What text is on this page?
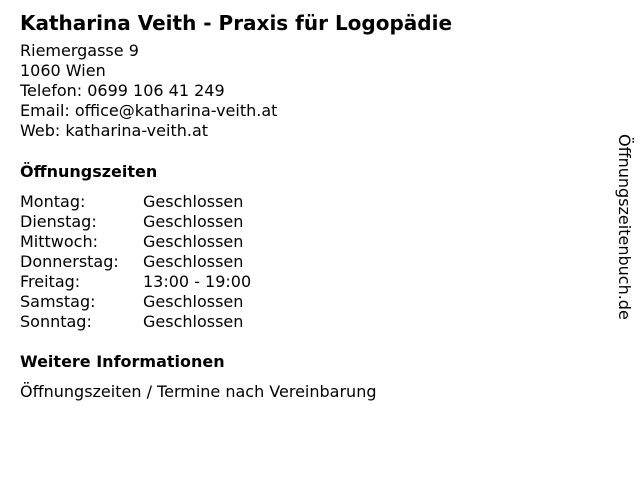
Katharina Veith - Praxis für Logopädie
Riemergasse 9
1060 Wien
Telefon: 0699 106 41 249
Email: office@katharina-veith.at
Web: katharina-veith.at
Öffnungszeiten
Montag:	Geschlossen
Dienstag:	Geschlossen
Mittwoch:	Geschlossen
Donnerstag:	Geschlossen
Freitag:	13:00 - 19:00
Samstag:	Geschlossen
Sonntag:	Geschlossen
Weitere Informationen
Öffnungszeiten / Termine nach Vereinbarung
Öffnungszeitenbuch.de
